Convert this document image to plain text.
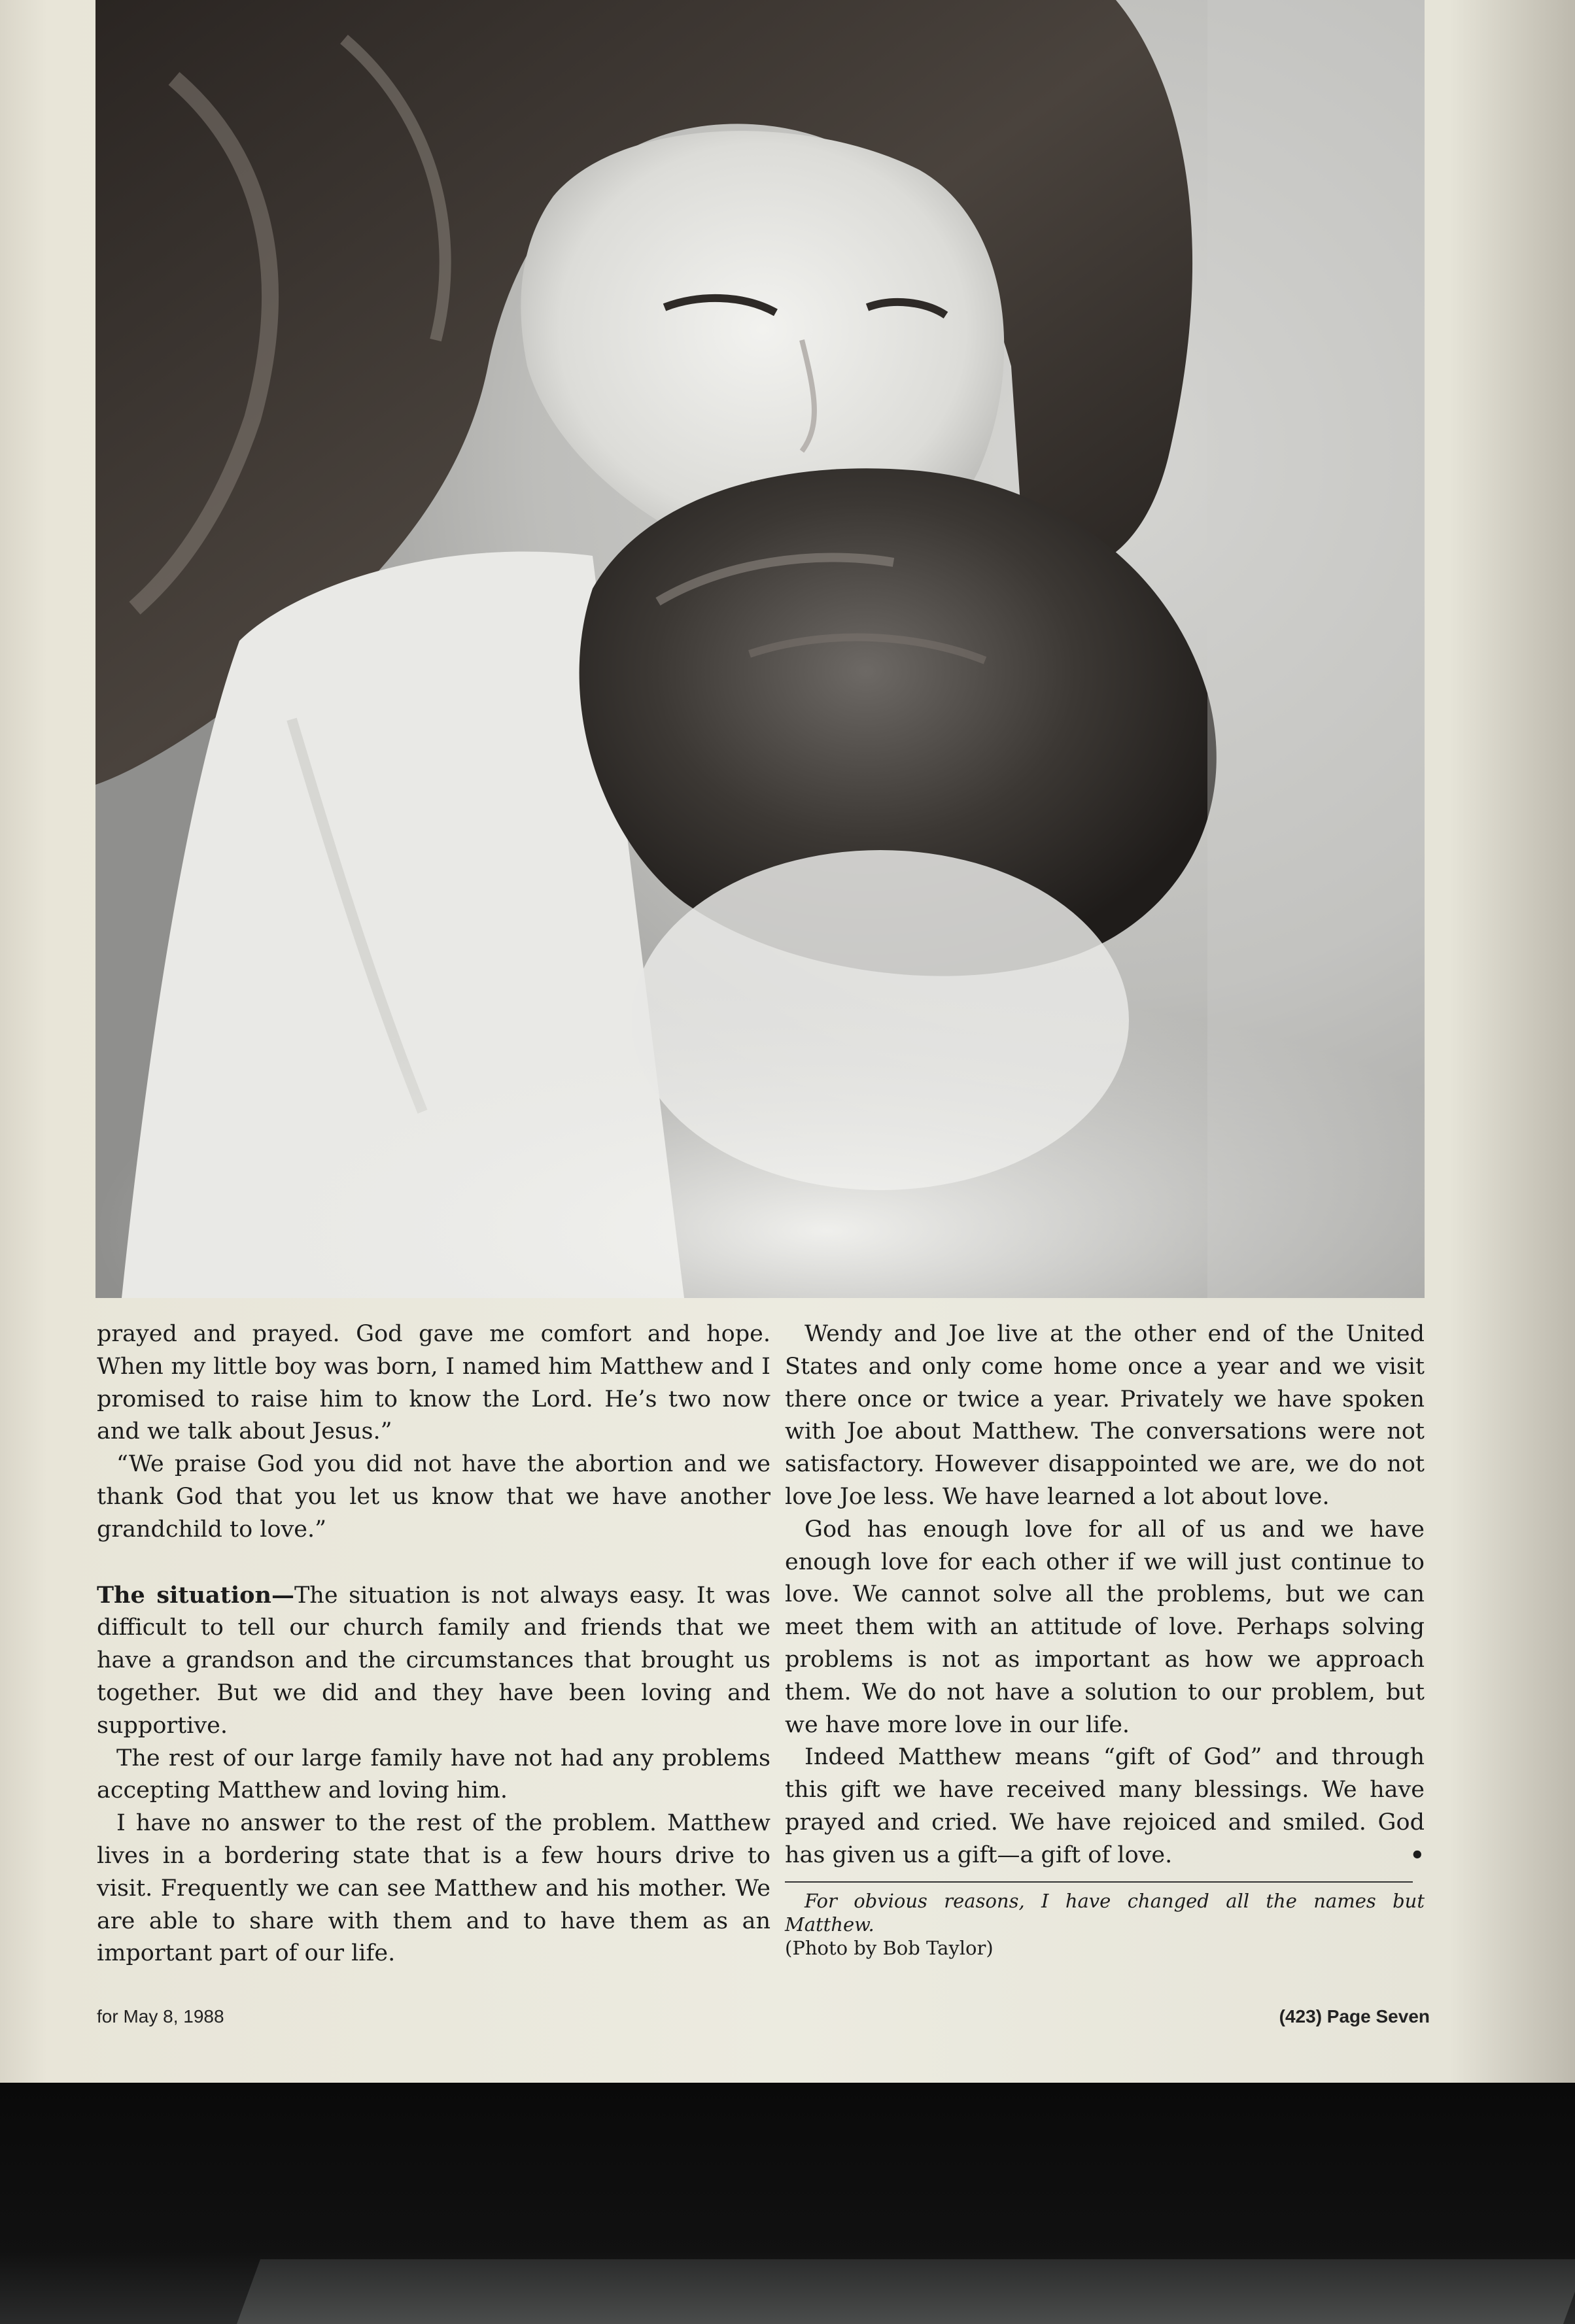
prayed and prayed. God gave me comfort and hope. When my little boy was born, I named him Matthew and I promised to raise him to know the Lord. He’s two now and we talk about Jesus.”

“We praise God you did not have the abortion and we thank God that you let us know that we have another grandchild to love.”

The situation—The situation is not always easy. It was difficult to tell our church family and friends that we have a grandson and the circumstances that brought us together. But we did and they have been loving and supportive.

The rest of our large family have not had any problems accepting Matthew and loving him.

I have no answer to the rest of the problem. Matthew lives in a bordering state that is a few hours drive to visit. Frequently we can see Matthew and his mother. We are able to share with them and to have them as an important part of our life.

Wendy and Joe live at the other end of the United States and only come home once a year and we visit there once or twice a year. Privately we have spoken with Joe about Matthew. The conversations were not satisfactory. However disappointed we are, we do not love Joe less. We have learned a lot about love.

God has enough love for all of us and we have enough love for each other if we will just continue to love. We cannot solve all the problems, but we can meet them with an attitude of love. Perhaps solving problems is not as important as how we approach them. We do not have a solution to our problem, but we have more love in our life.

Indeed Matthew means “gift of God” and through this gift we have received many blessings. We have prayed and cried. We have rejoiced and smiled. God has given us a gift—a gift of love.	•

For obvious reasons, I have changed all the names but Matthew.

(Photo by Bob Taylor)

for May 8, 1988	(423) Page Seven
